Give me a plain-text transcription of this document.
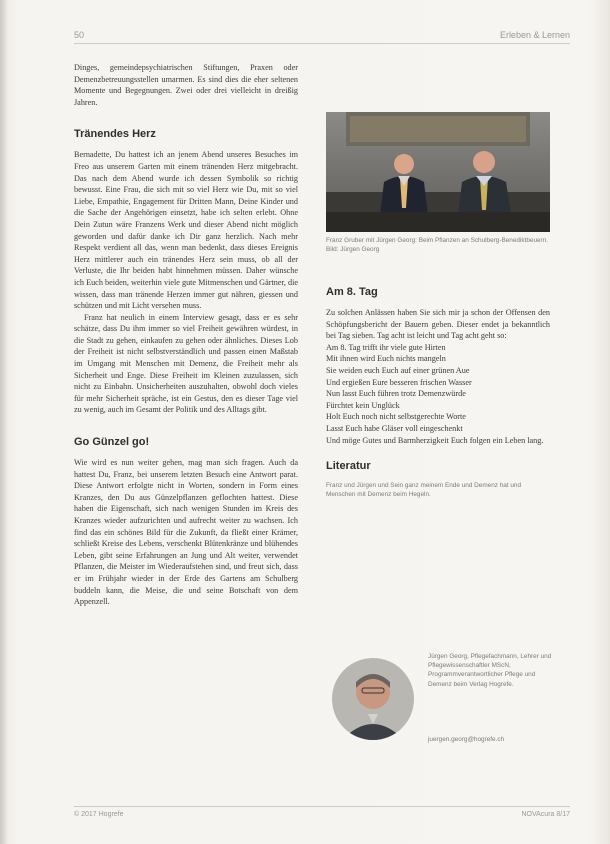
50	Erleben & Lernen

Dinges, gemeindepsychiatrischen Stiftungen, Praxen oder Demenzbetreuungsstellen umarmen. Es sind dies die eher seltenen Momente und Begegnungen. Zwei oder drei vielleicht in dreißig Jahren.

Tränendes Herz

Bernadette, Du hattest ich an jenem Abend unseres Besuches im Freo aus unserem Garten mit einem tränenden Herz mitgebracht. Das nach dem Abend wurde ich dessen Symbolik so richtig bewusst. Eine Frau, die sich mit so viel Herz wie Du, mit so viel Liebe, Empathie, Engagement für Dritten Mann, Deine Kinder und die Sache der Angehörigen einsetzt, habe ich selten erlebt. Ohne Dein Zutun wäre Franzens Werk und dieser Abend nicht möglich geworden und dafür danke ich Dir ganz herzlich. Nach mehr Respekt verdient all das, wenn man bedenkt, dass dieses Ereignis Herz mittlerer auch ein tränendes Herz sein muss, ob all der Verluste, die Ihr beiden habt hinnehmen müssen. Daher wünsche ich Euch beiden, weiterhin viele gute Mitmenschen und Gärtner, die wissen, dass man tränende Herzen immer gut nähren, giessen und schützen und mit Licht versehen muss.

Franz hat neulich in einem Interview gesagt, dass er es sehr schätze, dass Du ihm immer so viel Freiheit gewähren würdest, in die Stadt zu gehen, einkaufen zu gehen oder ähnliches. Dieses Lob der Freiheit ist nicht selbstverständlich und passen einen Maßstab im Umgang mit Menschen mit Demenz, die Freiheit mehr als Sicherheit und Enge. Diese Freiheit im Kleinen zuzulassen, sich nicht zu Einbahn. Unsicherheiten auszuhalten, obwohl doch vieles für mehr Sicherheit spräche, ist ein Gestus, den es dieser Tage viel zu wenig, auch im Gesamt der Politik und des Alltags gibt.

Go Günzel go!

Wie wird es nun weiter gehen, mag man sich fragen. Auch da hattest Du, Franz, bei unserem letzten Besuch eine Antwort parat. Diese Antwort erfolgte nicht in Worten, sondern in Form eines Kranzes, den Du aus Günzelpflanzen geflochten hattest. Diese haben die Eigenschaft, sich nach wenigen Stunden im Kreis des Kranzes wieder aufzurichten und aufrecht weiter zu wachsen. Ich find das ein schönes Bild für die Zukunft, da fließt einer Krämer, schließt Kreise des Lebens, verschenkt Blütenkränze und blühendes Leben, gibt seine Erfahrungen an Jung und Alt weiter, verwendet Pflanzen, die Meister im Wiederaufstehen sind, und freut sich, dass er im Frühjahr wieder in der Erde des Gartens am Schulberg buddeln kann, die Meise, die und seine Botschaft von dem Appenzell.

Franz Gruber mit Jürgen Georg: Beim Pflanzen an Schulberg-Benediktbeuern. Bild: Jürgen Georg

Am 8. Tag

Zu solchen Anlässen haben Sie sich mir ja schon der Offensen den Schöpfungsbericht der Bauern geben. Dieser endet ja bekanntlich bei Tag sieben. Tag acht ist leicht und Tag acht geht so:

Am 8. Tag trifft ihr viele gute Hirten

Mit ihnen wird Euch nichts mangeln

Sie weiden euch Euch auf einer grünen Aue

Und ergießen Eure besseren frischen Wasser

Nun lasst Euch führen trotz Demenzwürde

Fürchtet kein Unglück

Holt Euch noch nicht selbstgerechte Worte

Lasst Euch habe Gläser voll eingeschenkt

Und möge Gutes und Barmherzigkeit Euch folgen ein Leben lang.

Literatur

Franz und Jürgen und Sein ganz meinem Ende und Demenz hat und Menschen mit Demenz beim Hegeln.

Jürgen Georg, Pflegefachmann, Lehrer und Pflegewissenschaftler MScN, Programmverantwortlicher Pflege und Demenz beim Verlag Hogrefe.

juergen.georg@hogrefe.ch

© 2017 Hogrefe	NOVAcura 8/17
